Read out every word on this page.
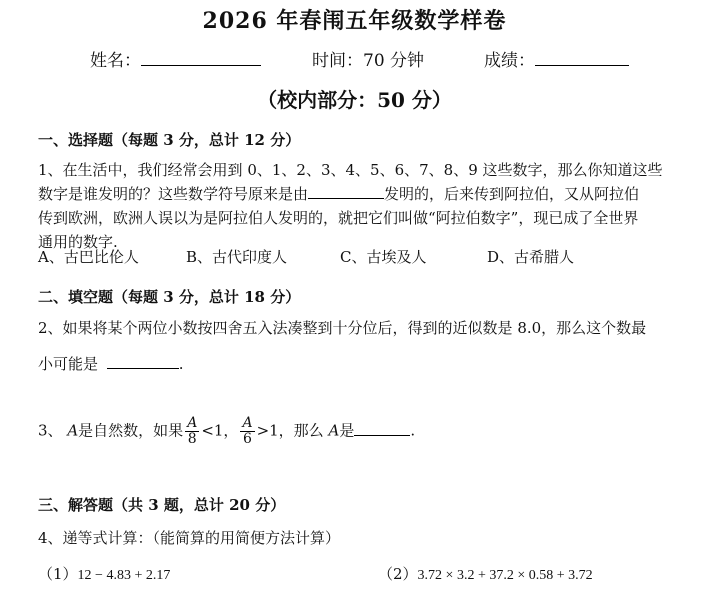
2026 年春闱五年级数学样卷
姓名：	时间：70 分钟	成绩：
（校内部分：50 分）
一、选择题（每题 3 分，总计 12 分）
1、在生活中，我们经常会用到 0、1、2、3、4、5、6、7、8、9 这些数字，那么你知道这些
数字是谁发明的？这些数学符号原来是由	发明的，后来传到阿拉伯，又从阿拉伯
传到欧洲，欧洲人误以为是阿拉伯人发明的，就把它们叫做“阿拉伯数字”，现已成了全世界
通用的数字.
A、古巴比伦人	B、古代印度人	C、古埃及人	D、古希腊人
二、填空题（每题 3 分，总计 18 分）
2、如果将某个两位小数按四舍五入法凑整到十分位后，得到的近似数是 8.0，那么这个数最
小可能是	.
3、 A是自然数，如果 $\frac{A}{8} <1$， $\frac{A}{6} >1$，那么 A是	.
三、解答题（共 3 题，总计 20 分）
4、递等式计算：（能简算的用简便方法计算）
（1）12 − 4.83 + 2.17	（2）3.72 × 3.2 + 37.2 × 0.58 + 3.72
